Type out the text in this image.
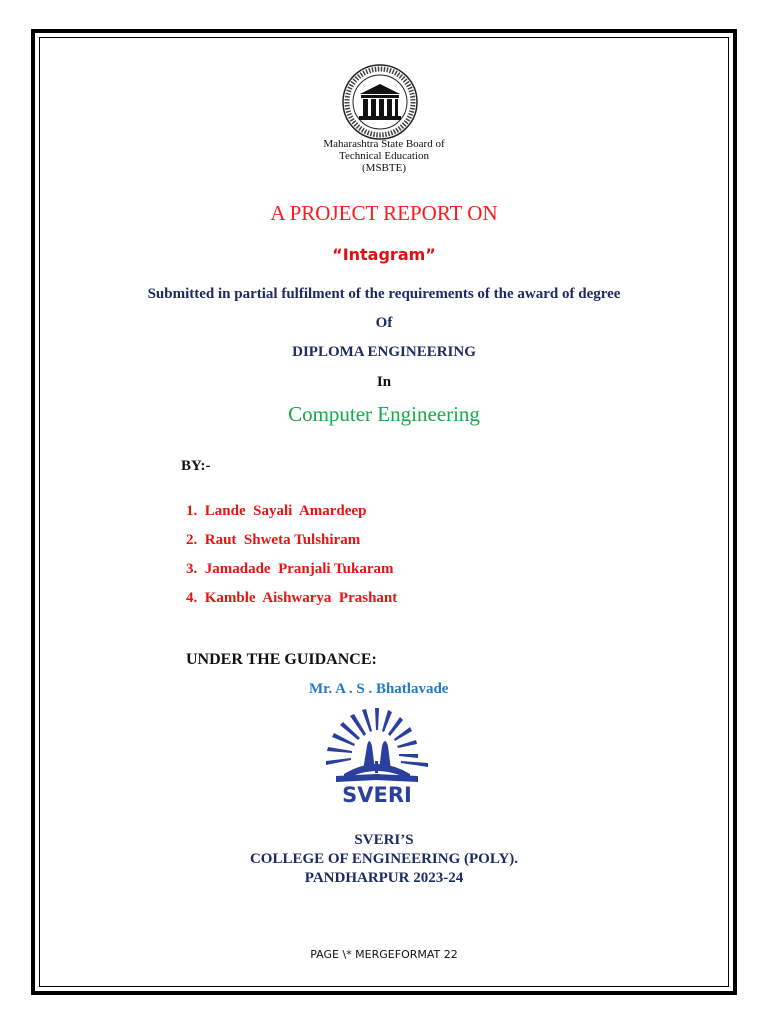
Maharashtra State Board of
Technical Education
(MSBTE)
A PROJECT REPORT ON
“Intagram”
Submitted in partial fulfilment of the requirements of the award of degree
Of
DIPLOMA ENGINEERING
In
Computer Engineering
BY:-
1.  Lande  Sayali  Amardeep
2.  Raut  Shweta Tulshiram
3.  Jamadade  Pranjali Tukaram
4.  Kamble  Aishwarya  Prashant
UNDER THE GUIDANCE:
Mr. A . S . Bhatlavade
SVERI
SVERI’S
COLLEGE OF ENGINEERING (POLY).
PANDHARPUR 2023-24
PAGE \* MERGEFORMAT 22
